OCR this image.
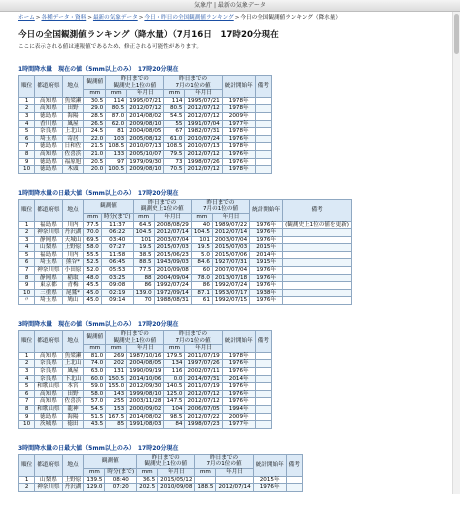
気象庁 | 最新の気象データ
ホーム>各種データ・資料>最新の気象データ>今日・昨日の全国観測値ランキング>今日の全国観測値ランキング（降水量）
今日の全国観測値ランキング（降水量）（7月16日　17時20分現在
ここに表示される値は速報値であるため、修正される可能性があります。
1時間降水量　現在の値（5mm以上のみ）　17時20分現在
順位	都道府県	地点	観測値	昨日までの
観測史上1位の値		昨日までの
7月の1位の値		統計開始年	備考
			mm	mm	年月日	mm	年月日		
1	高知県	魚梁瀬	30.5	114	1995/07/21	114	1995/07/21	1978年	
2	高知県	田野	29.0	80.5	2012/07/12	80.5	2012/07/12	1978年	
3	徳島県	海陽	28.5	87.0	2014/08/02	54.5	2012/07/12	2009年	
4	香川県	風屋	26.5	62.0	2009/08/10	55	1991/07/04	1977年	
5	奈良県	上北山	24.5	81	2004/08/05	67	1982/07/31	1978年	
6	埼玉県	寄居	22.0	103	2005/08/12	61.0	2010/07/24	1976年	
7	徳島県	日和佐	21.5	108.5	2010/07/13	108.5	2010/07/13	1978年	
8	高知県	佐喜浜	21.0	133	2005/10/07	79.5	2012/07/12	1976年	
9	徳島県	福原旭	20.5	97	1979/09/30	73	1998/07/26	1976年	
10	徳島県	木頭	20.0	100.5	2009/08/10	70.5	2012/07/12	1978年	
1時間降水量の日最大値（5mm以上のみ）　17時20分現在
順位	都道府県	地点	観測値		昨日までの
観測史上1位の値		昨日までの
7月の1位の値		統計開始年	備考
			mm	時分(まで)	mm	年月日	mm	年月日		
1	福島県	川内	77.5	11:37	64.5	2008/08/29	40	1989/07/22	1976年	(観測史上1位の値を更新)
2	神奈川県	丹沢湖	70.0	06:22	104.5	2012/07/14	104.5	2012/07/14	1976年	
3	静岡県	天城山	69.5	03:40	101	2003/07/04	101	2003/07/04	1976年	
4	山梨県	上野原	58.0	07:27	19.5	2015/07/03	19.5	2015/07/03	2015年	
5	福島県	川内	55.5	11:58	38.5	2015/06/23	5.0	2015/07/06	2014年	
6	埼玉県	熊谷*	52.5	06:45	88.5	1943/09/03	84.6	1927/07/31	1915年	
7	神奈川県	小田原	52.0	05:53	77.5	2010/09/08	60	2007/07/04	1976年	
8	静岡県	稲取	48.0	03:25	88	2004/09/04	78.0	2013/07/18	1976年	
9	東京都	青梅	45.5	09:08	86	1992/07/24	86	1992/07/24	1976年	
10	三重県	尾鷲*	45.0	02:19	139.0	1972/09/14	87.1	1953/07/17	1938年	
〃	埼玉県	鳩山	45.0	09:14	70	1988/08/31	61	1992/07/15	1976年	
3時間降水量　現在の値（5mm以上のみ）　17時20分現在
順位	都道府県	地点	観測値	昨日までの
観測史上1位の値		昨日までの
7月の1位の値		統計開始年	備考
			mm	mm	年月日	mm	年月日		
1	高知県	魚梁瀬	81.0	269	1987/10/16	179.5	2011/07/19	1978年	
2	奈良県	上北山	74.0	202	2004/08/05	134	1997/07/26	1976年	
3	奈良県	風屋	63.0	131	1990/09/19	116	2002/07/11	1976年	
4	奈良県	下北山	60.0	150.5	2014/10/06	0.0	2014/07/31	2014年	
5	和歌山県	本宮	59.0	155.0	2012/09/30	140.5	2011/07/19	1976年	
6	高知県	田野	58.0	143	1999/08/10	125.0	2012/07/12	1976年	
7	高知県	佐喜浜	57.0	255	2003/11/28	147.5	2012/07/12	1976年	
8	和歌山県	龍神	54.5	153	2000/09/02	104	2006/07/05	1994年	
9	徳島県	海陽	51.5	167.5	2014/08/02	98.5	2012/07/22	2009年	
10	茨城県	徳田	43.5	85	1991/08/03	84	1998/07/23	1977年	
3時間降水量の日最大値（5mm以上のみ）　17時20分現在
順位	都道府県	地点	観測値		昨日までの
観測史上1位の値		昨日までの
7月の1位の値		統計開始年	備考
			mm	時分(まで)	mm	年月日	mm	年月日		
1	山梨県	上野原	139.5	08:40	36.5	2015/05/12			2015年	
2	神奈川県	丹沢湖	129.0	07:20	202.5	2010/09/08	188.5	2012/07/14	1976年	
